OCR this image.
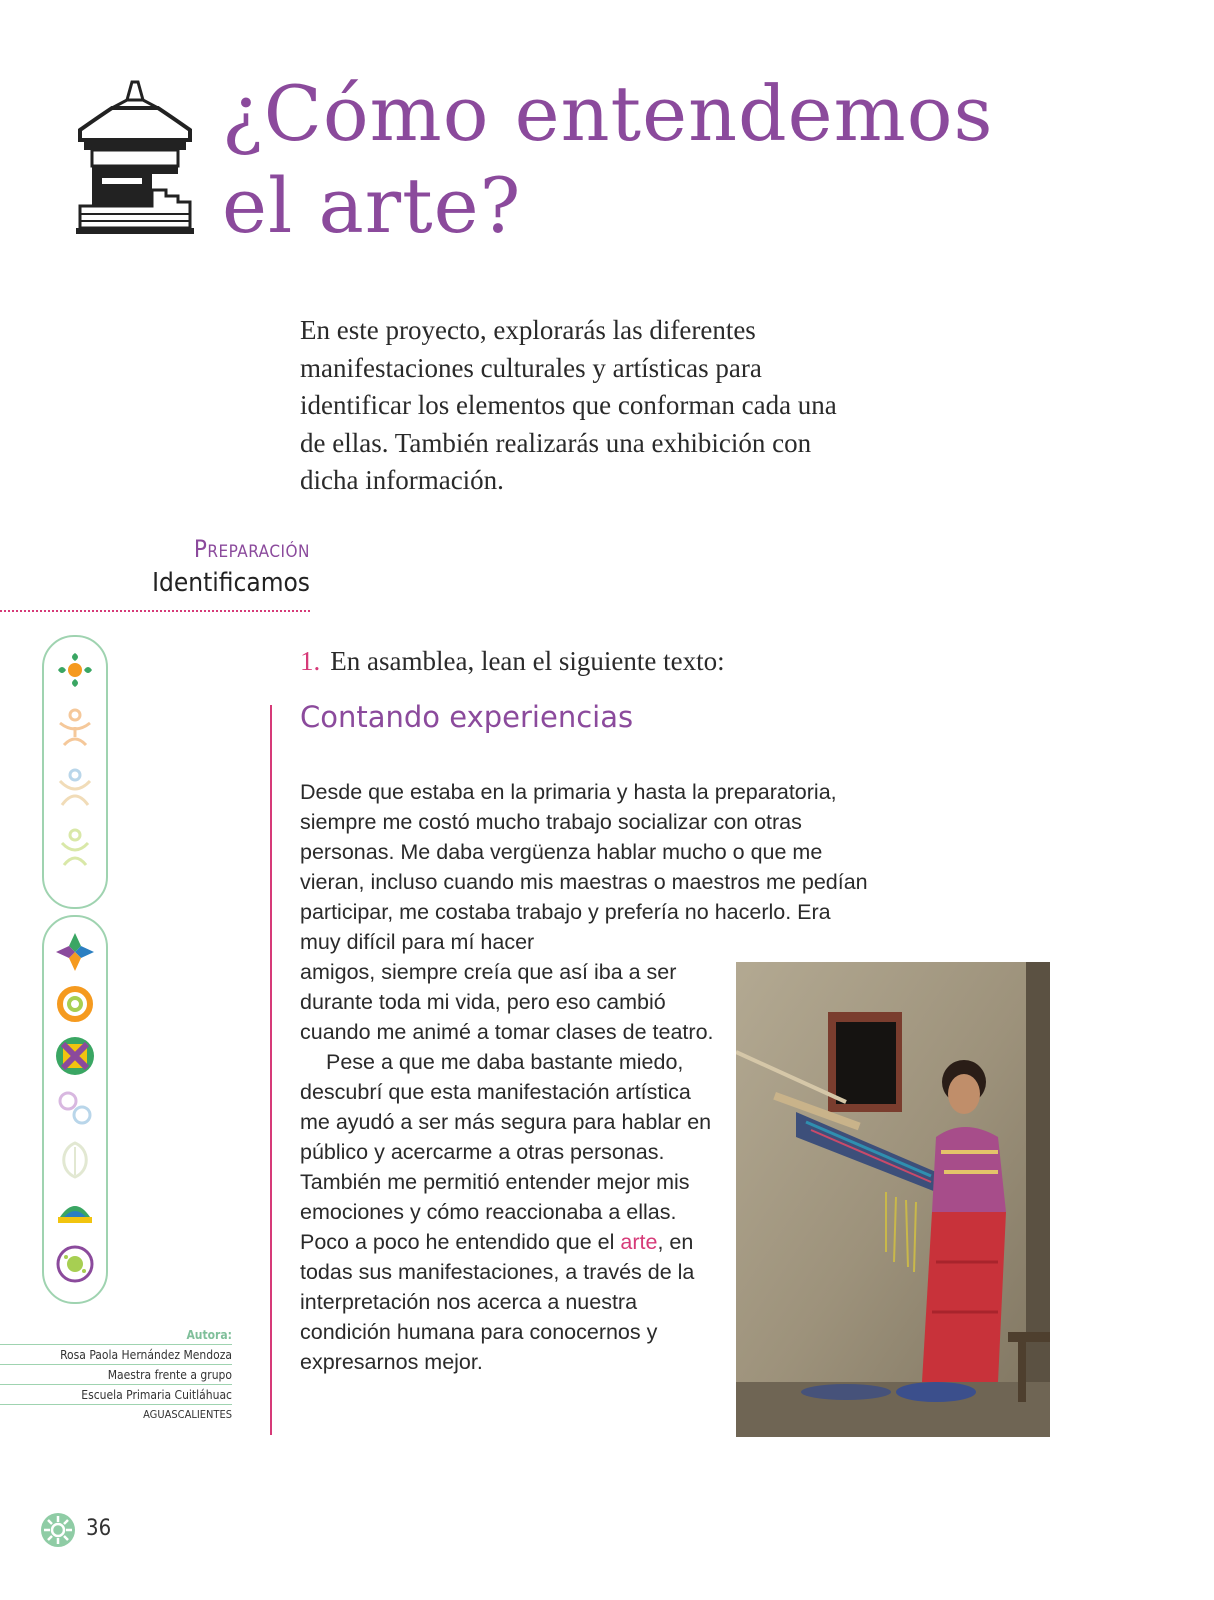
¿Cómo entendemos
el arte?

En este proyecto, explorarás las diferentes manifestaciones culturales y artísticas para identificar los elementos que conforman cada una de ellas. También realizarás una exhibición con dicha información.

Preparación

Identificamos

1. En asamblea, lean el siguiente texto:

Contando experiencias

Desde que estaba en la primaria y hasta la preparatoria, siempre me costó mucho trabajo socializar con otras personas. Me daba vergüenza hablar mucho o que me vieran, incluso cuando mis maestras o maestros me pedían participar, me costaba trabajo y prefería no hacerlo. Era muy difícil para mí hacer

amigos, siempre creía que así iba a ser durante toda mi vida, pero eso cambió cuando me animé a tomar clases de teatro.
Pese a que me daba bastante miedo, descubrí que esta manifestación artística me ayudó a ser más segura para hablar en público y acercarme a otras personas. También me permitió entender mejor mis emociones y cómo reaccionaba a ellas. Poco a poco he entendido que el arte, en todas sus manifestaciones, a través de la interpretación nos acerca a nuestra condición humana para conocernos y expresarnos mejor.
Autora:
Rosa Paola Hernández Mendoza
Maestra frente a grupo
Escuela Primaria Cuitláhuac
AGUASCALIENTES

36
